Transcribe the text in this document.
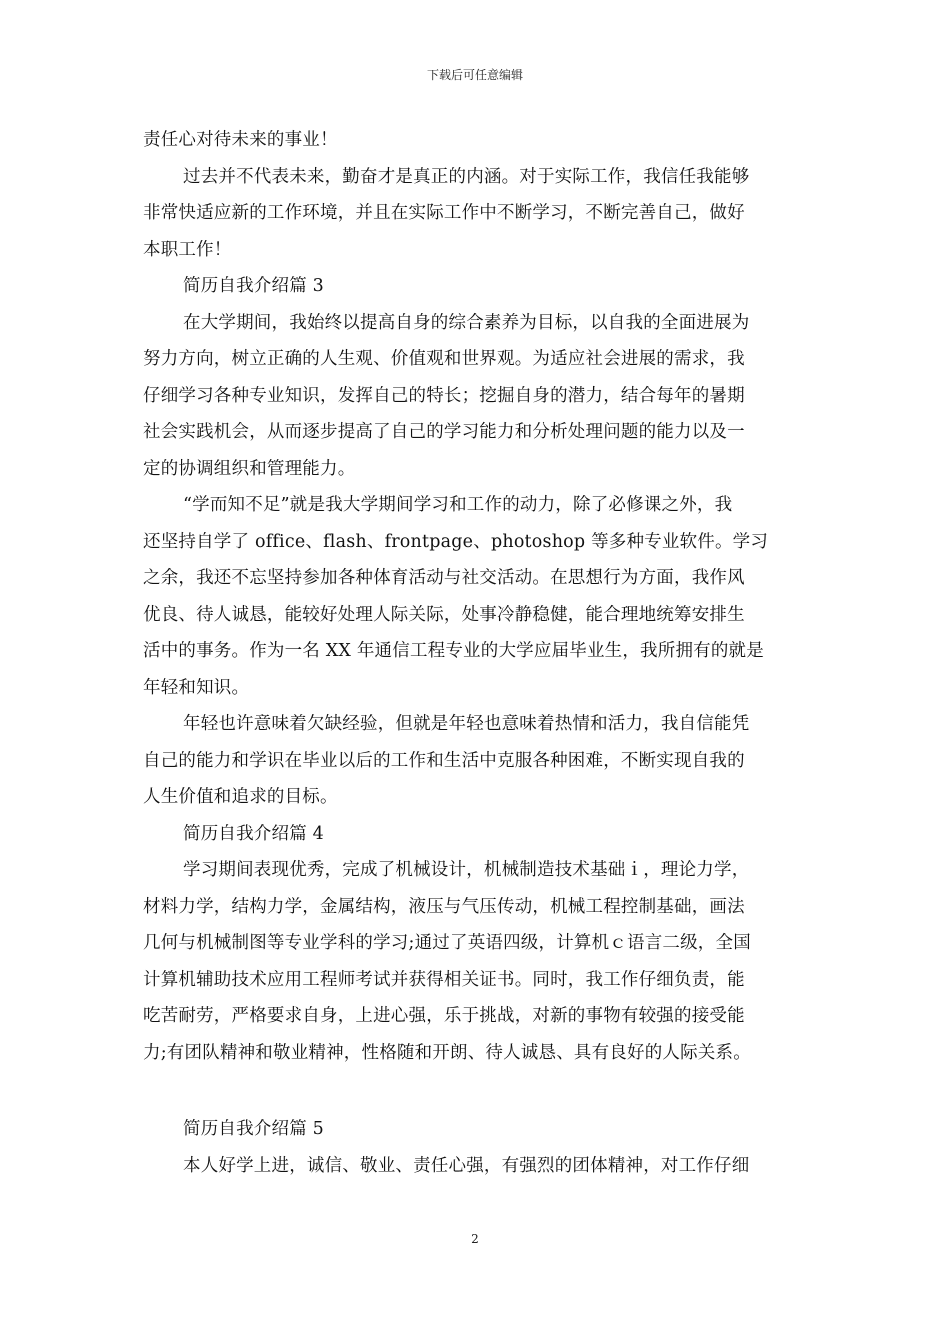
下载后可任意编辑
责任心对待未来的事业！
过去并不代表未来，勤奋才是真正的内涵。对于实际工作，我信任我能够
非常快适应新的工作环境，并且在实际工作中不断学习，不断完善自己，做好
本职工作！
简历自我介绍篇 3
在大学期间，我始终以提高自身的综合素养为目标，以自我的全面进展为
努力方向，树立正确的人生观、价值观和世界观。为适应社会进展的需求，我
仔细学习各种专业知识，发挥自己的特长；挖掘自身的潜力，结合每年的暑期
社会实践机会，从而逐步提高了自己的学习能力和分析处理问题的能力以及一
定的协调组织和管理能力。
“学而知不足”就是我大学期间学习和工作的动力，除了必修课之外，我
还坚持自学了 office、flash、frontpage、photoshop 等多种专业软件。学习
之余，我还不忘坚持参加各种体育活动与社交活动。在思想行为方面，我作风
优良、待人诚恳，能较好处理人际关际，处事冷静稳健，能合理地统筹安排生
活中的事务。作为一名 XX 年通信工程专业的大学应届毕业生，我所拥有的就是
年轻和知识。
年轻也许意味着欠缺经验，但就是年轻也意味着热情和活力，我自信能凭
自己的能力和学识在毕业以后的工作和生活中克服各种困难，不断实现自我的
人生价值和追求的目标。
简历自我介绍篇 4
学习期间表现优秀，完成了机械设计，机械制造技术基础ｉ，理论力学，
材料力学，结构力学，金属结构，液压与气压传动，机械工程控制基础，画法
几何与机械制图等专业学科的学习;通过了英语四级，计算机ｃ语言二级，全国
计算机辅助技术应用工程师考试并获得相关证书。同时，我工作仔细负责，能
吃苦耐劳，严格要求自身，上进心强，乐于挑战，对新的事物有较强的接受能
力;有团队精神和敬业精神，性格随和开朗、待人诚恳、具有良好的人际关系。
简历自我介绍篇 5
本人好学上进，诚信、敬业、责任心强，有强烈的团体精神，对工作仔细
2
